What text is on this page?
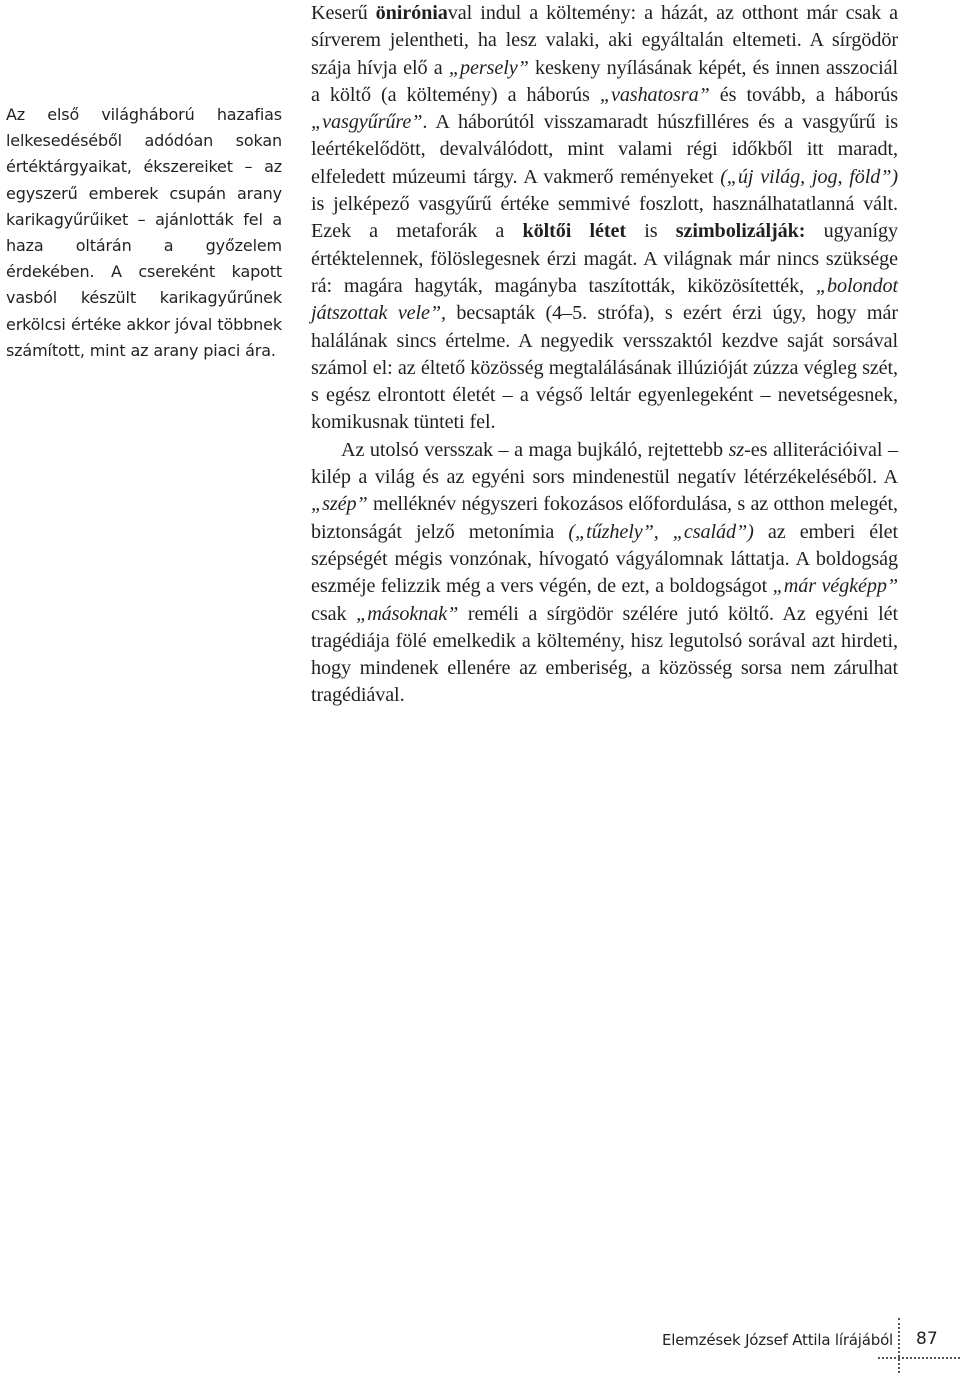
Az első világháború hazafias lelkesedéséből adódóan sokan értéktárgyaikat, ékszereiket – az egyszerű emberek csupán arany karikagyűrűiket – ajánlották fel a haza oltárán a győzelem érdekében. A csereként kapott vasból készült karikagyűrűnek erkölcsi értéke akkor jóval többnek számított, mint az arany piaci ára.

Keserű öniróniaval indul a költemény: a házát, az otthont már csak a sírverem jelentheti, ha lesz valaki, aki egyáltalán eltemeti. A sírgödör szája hívja elő a „persely” keskeny nyílásának képét, és innen asszociál a költő (a költemény) a háborús „vashatosra” és tovább, a háborús „vasgyűrűre”. A háborútól visszamaradt húszfilléres és a vasgyűrű is leértékelődött, devalválódott, mint valami régi időkből itt maradt, elfeledett múzeumi tárgy. A vakmerő reményeket („új világ, jog, föld”) is jelképező vasgyűrű értéke semmivé foszlott, használhatatlanná vált. Ezek a metaforák a költői létet is szimbolizálják: ugyanígy értéktelennek, fölöslegesnek érzi magát. A világnak már nincs szüksége rá: magára hagyták, magányba taszították, kiközösítették, „bolondot játszottak vele”, becsapták (4–5. strófa), s ezért érzi úgy, hogy már halálának sincs értelme. A negyedik versszaktól kezdve saját sorsával számol el: az éltető közösség megtalálásának illúzióját zúzza végleg szét, s egész elrontott életét – a végső leltár egyenlegeként – nevetségesnek, komikusnak tünteti fel.

Az utolsó versszak – a maga bujkáló, rejtettebb sz-es alliterációival – kilép a világ és az egyéni sors mindenestül negatív létérzékeléséből. A „szép” melléknév négyszeri fokozásos előfordulása, s az otthon melegét, biztonságát jelző metonímia („tűzhely”, „család”) az emberi élet szépségét mégis vonzónak, hívogató vágyálomnak láttatja. A boldogság eszméje felizzik még a vers végén, de ezt, a boldogságot „már végképp” csak „másoknak” reméli a sírgödör szélére jutó költő. Az egyéni lét tragédiája fölé emelkedik a költemény, hisz legutolsó sorával azt hirdeti, hogy mindenek ellenére az emberiség, a közösség sorsa nem zárulhat tragédiával.

Elemzések József Attila lírájából 87
